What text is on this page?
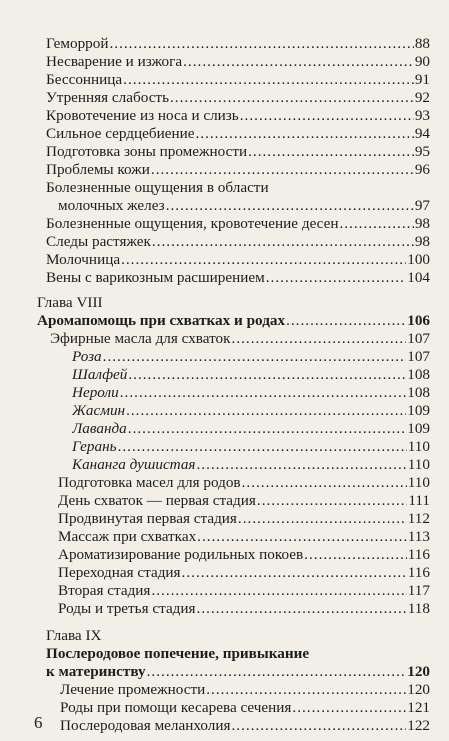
Геморрой .....	88
Несварение и изжога .....	90
Бессонница .....	91
Утренняя слабость .....	92
Кровотечение из носа и слизь .....	93
Сильное сердцебиение .....	94
Подготовка зоны промежности .....	95
Проблемы кожи .....	96
Болезненные ощущения в области
молочных желез .....	97
Болезненные ощущения, кровотечение десен .....	98
Следы растяжек .....	98
Молочница .....	100
Вены с варикозным расширением .....	104
Глава VIII
Аромапомощь при схватках и родах .....	106
Эфирные масла для схваток .....	107
Роза .....	107
Шалфей .....	108
Нероли .....	108
Жасмин .....	109
Лаванда .....	109
Герань .....	110
Кананга душистая .....	110
Подготовка масел для родов .....	110
День схваток — первая стадия .....	111
Продвинутая первая стадия .....	112
Массаж при схватках .....	113
Ароматизирование родильных покоев .....	116
Переходная стадия .....	116
Вторая стадия .....	117
Роды и третья стадия .....	118
Глава IX
Послеродовое попечение, привыкание
к материнству .....	120
Лечение промежности .....	120
Роды при помощи кесарева сечения .....	121
Послеродовая меланхолия .....	122
6
